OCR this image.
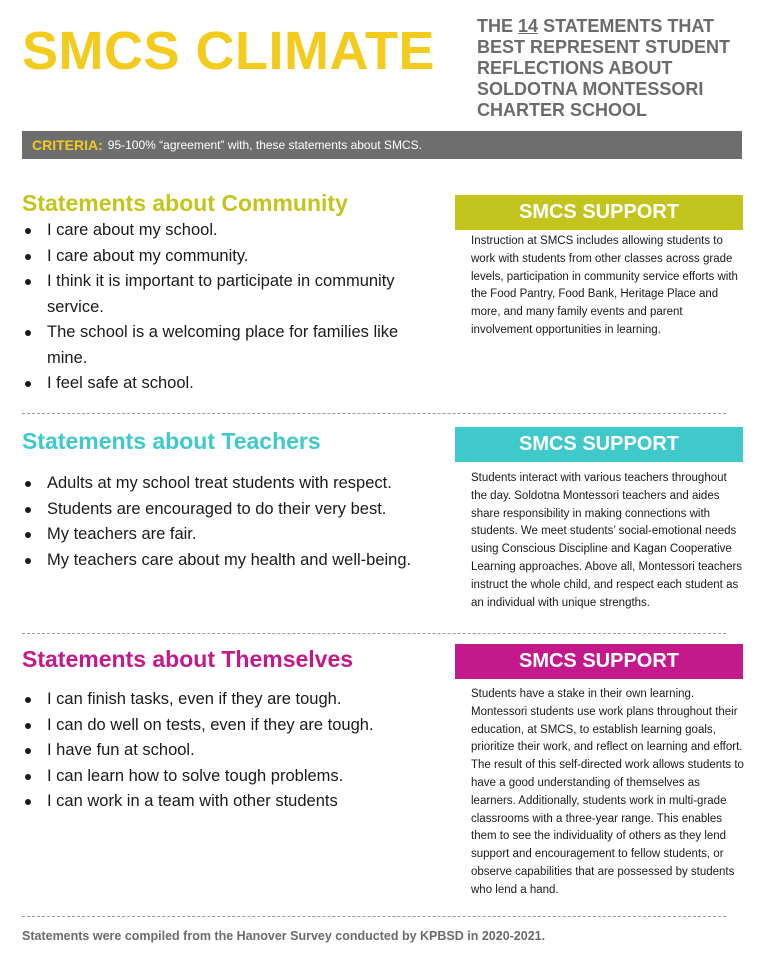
SMCS CLIMATE THE 14 STATEMENTS THAT BEST REPRESENT STUDENT REFLECTIONS ABOUT SOLDOTNA MONTESSORI CHARTER SCHOOL
CRITERIA: 95-100% “agreement” with, these statements about SMCS.
Statements about Community
I care about my school.
I care about my community.
I think it is important to participate in community service.
The school is a welcoming place for families like mine.
I feel safe at school.
SMCS SUPPORT

Instruction at SMCS includes allowing students to work with students from other classes across grade levels, participation in community service efforts with the Food Pantry, Food Bank, Heritage Place and more, and many family events and parent involvement opportunities in learning.

Statements about Teachers
Adults at my school treat students with respect.
Students are encouraged to do their very best.
My teachers are fair.
My teachers care about my health and well-being.
SMCS SUPPORT

Students interact with various teachers throughout the day. Soldotna Montessori teachers and aides share responsibility in making connections with students. We meet students’ social-emotional needs using Conscious Discipline and Kagan Cooperative Learning approaches. Above all, Montessori teachers instruct the whole child, and respect each student as an individual with unique strengths.

Statements about Themselves
I can finish tasks, even if they are tough.
I can do well on tests, even if they are tough.
I have fun at school.
I can learn how to solve tough problems.
I can work in a team with other students
SMCS SUPPORT

Students have a stake in their own learning. Montessori students use work plans throughout their education, at SMCS, to establish learning goals, prioritize their work, and reflect on learning and effort. The result of this self-directed work allows students to have a good understanding of themselves as learners. Additionally, students work in multi-grade classrooms with a three-year range. This enables them to see the individuality of others as they lend support and encouragement to fellow students, or observe capabilities that are possessed by students who lend a hand.

Statements were compiled from the Hanover Survey conducted by KPBSD in 2020-2021.
